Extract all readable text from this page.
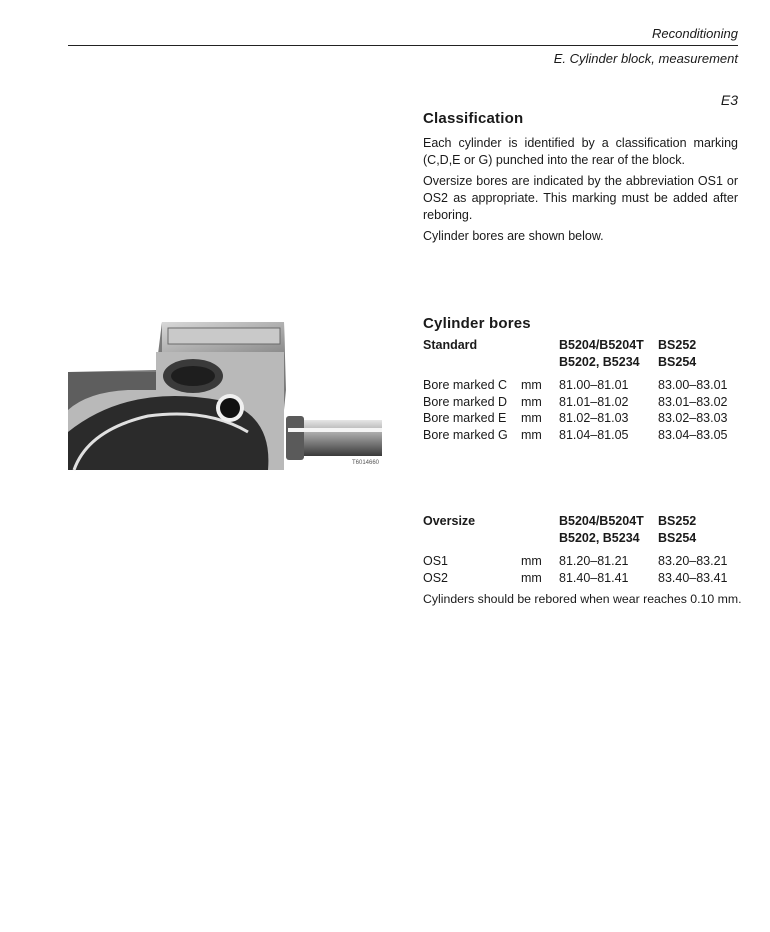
Reconditioning
E. Cylinder block, measurement
E3
Classification

Each cylinder is identified by a classification marking (C,D,E or G) punched into the rear of the block.

Oversize bores are indicated by the abbreviation OS1 or OS2 as appropriate. This marking must be added after reboring.

Cylinder bores are shown below.

T6014660
Cylinder bores
Standard	B5204/B5204T BS252
B5202, B5234 BS254
Bore marked C mm 81.00–81.01 83.00–83.01
Bore marked D mm 81.01–81.02 83.01–83.02
Bore marked E mm 81.02–81.03 83.02–83.03
Bore marked G mm 81.04–81.05 83.04–83.05
Oversize	B5204/B5204T BS252
B5202, B5234 BS254
OS1	mm 81.20–81.21 83.20–83.21
OS2	mm 81.40–81.41 83.40–83.41
Cylinders should be rebored when wear reaches 0.10 mm.
